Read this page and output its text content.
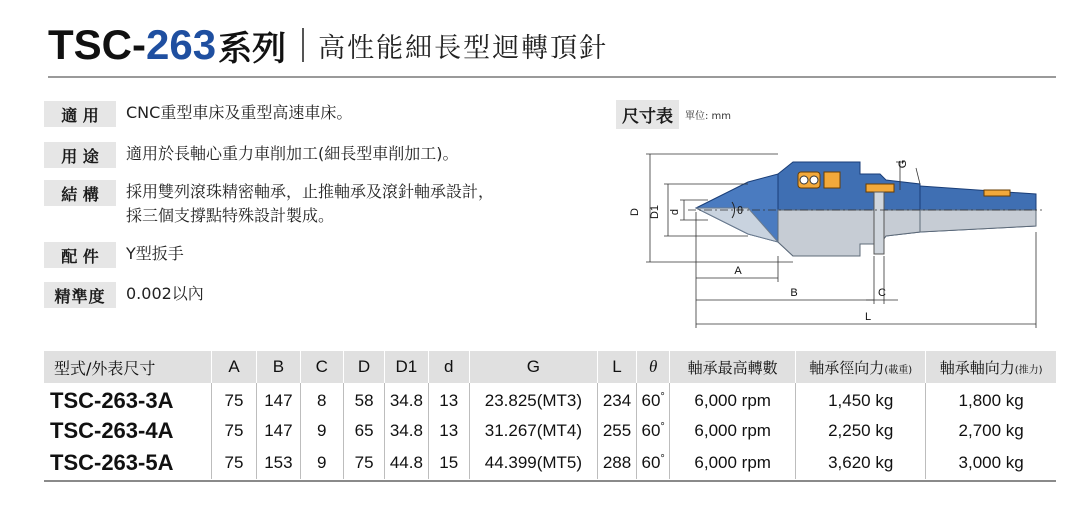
TSC-263 系列 高性能細長型迴轉頂針
適 用 CNC重型車床及重型高速車床。
用 途 適用於長軸心重力車削加工(細長型車削加工)。
結 構 採用雙列滾珠精密軸承，止推軸承及滾針軸承設計，
採三個支撐點特殊設計製成。
配 件 Y型扳手
精準度 0.002以內
尺寸表	單位: mm
D D1 d	θ
A
B	C
L
G
型式/外表尺寸	A	B	C	D	D1	d	G	L	θ	軸承最高轉數	軸承徑向力(載重)	軸承軸向力(推力)
TSC-263-3A	75	147	8	58	34.8	13	23.825(MT3)	234	60°	6,000 rpm	1,450 kg	1,800 kg
TSC-263-4A	75	147	9	65	34.8	13	31.267(MT4)	255	60°	6,000 rpm	2,250 kg	2,700 kg
TSC-263-5A	75	153	9	75	44.8	15	44.399(MT5)	288	60°	6,000 rpm	3,620 kg	3,000 kg
